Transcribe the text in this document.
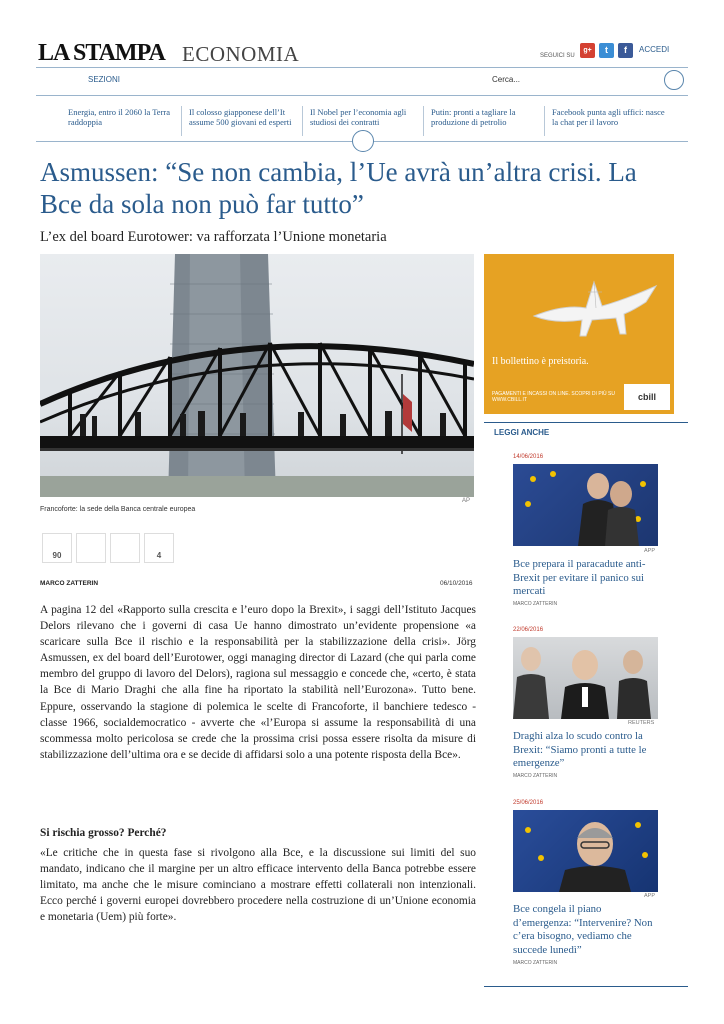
LA STAMPA ECONOMIA	SEGUICI SU
g+	t	f	ACCEDI
SEZIONI	Cerca...
Energia, entro il 2060 la Terra raddoppia
Il colosso giapponese dell’It assume 500 giovani ed esperti
Il Nobel per l’economia agli studiosi dei contratti
Putin: pronti a tagliare la produzione di petrolio
Facebook punta agli uffici: nasce la chat per il lavoro
Asmussen: “Se non cambia, l’Ue avrà un’altra crisi. La Bce da sola non può far tutto”
L’ex del board Eurotower: va rafforzata l’Unione monetaria
Francoforte: la sede della Banca centrale europea
AP
90	4
MARCO ZATTERIN	06/10/2016

A pagina 12 del «Rapporto sulla crescita e l’euro dopo la Brexit», i saggi dell’Istituto Jacques Delors rilevano che i governi di casa Ue hanno dimostrato un’evidente propensione «a scaricare sulla Bce il rischio e la responsabilità per la stabilizzazione della crisi». Jörg Asmussen, ex del board dell’Eurotower, oggi managing director di Lazard (che qui parla come membro del gruppo di lavoro del Delors), ragiona sul messaggio e concede che, «certo, è stata la Bce di Mario Draghi che alla fine ha riportato la stabilità nell’Eurozona». Tutto bene. Eppure, osservando la stagione di polemica le scelte di Francoforte, il banchiere tedesco - classe 1966, socialdemocratico - avverte che «l’Europa si assume la responsabilità di una scommessa molto pericolosa se crede che la prossima crisi possa essere risolta da misure di stabilizzazione dell’ultima ora e se decide di affidarsi solo a una potente risposta della Bce».

Si rischia grosso? Perché?

«Le critiche che in questa fase si rivolgono alla Bce, e la discussione sui limiti del suo mandato, indicano che il margine per un altro efficace intervento della Banca potrebbe essere limitato, ma anche che le misure cominciano a mostrare effetti collaterali non intenzionali. Ecco perché i governi europei dovrebbero procedere nella costruzione di un’Unione economia e monetaria (Uem) più forte».

Il bollettino è preistoria.
PAGAMENTI E INCASSI ON LINE. SCOPRI DI PIÙ SU WWW.CBILL.IT	cbill
LEGGI ANCHE
14/06/2016
APP
Bce prepara il paracadute anti-Brexit per evitare il panico sui mercati
MARCO ZATTERIN
22/06/2016
REUTERS
Draghi alza lo scudo contro la Brexit: “Siamo pronti a tutte le emergenze”
MARCO ZATTERIN
25/06/2016
APP
Bce congela il piano d’emergenza: “Intervenire? Non c’era bisogno, vediamo che succede lunedì”
MARCO ZATTERIN
